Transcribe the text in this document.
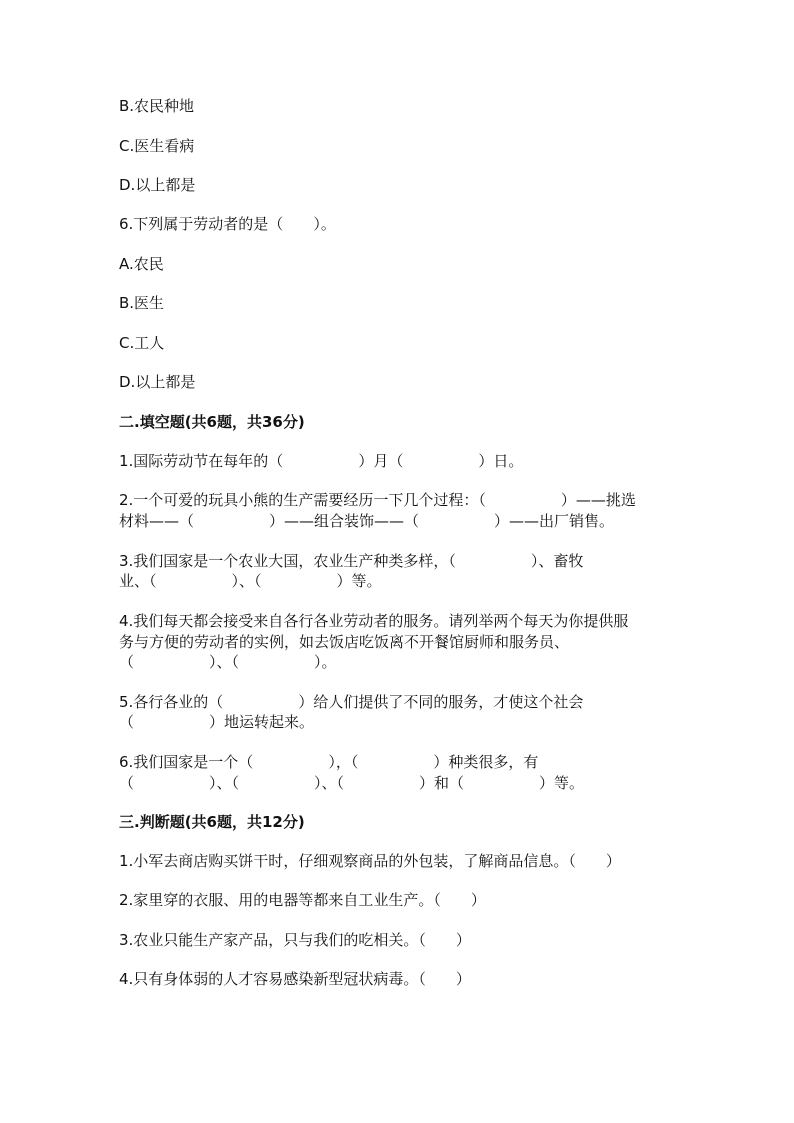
B.农民种地
C.医生看病
D.以上都是
6.下列属于劳动者的是（　　）。
A.农民
B.医生
C.工人
D.以上都是
二.填空题(共6题，共36分)
1.国际劳动节在每年的（　　　　　）月（　　　　　）日。
2.一个可爱的玩具小熊的生产需要经历一下几个过程：（　　　　　）——挑选
材料——（　　　　　）——组合装饰——（　　　　　）——出厂销售。
3.我们国家是一个农业大国，农业生产种类多样，（　　　　　）、畜牧
业、（　　　　　）、（　　　　　）等。
4.我们每天都会接受来自各行各业劳动者的服务。请列举两个每天为你提供服
务与方便的劳动者的实例，如去饭店吃饭离不开餐馆厨师和服务员、
（　　　　　）、（　　　　　）。
5.各行各业的（　　　　　）给人们提供了不同的服务，才使这个社会
（　　　　　）地运转起来。
6.我们国家是一个（　　　　　），（　　　　　）种类很多，有
（　　　　　）、（　　　　　）、（　　　　　）和（　　　　　）等。
三.判断题(共6题，共12分)
1.小军去商店购买饼干时，仔细观察商品的外包装，了解商品信息。（　　）
2.家里穿的衣服、用的电器等都来自工业生产。（　　）
3.农业只能生产家产品，只与我们的吃相关。（　　）
4.只有身体弱的人才容易感染新型冠状病毒。（　　）
